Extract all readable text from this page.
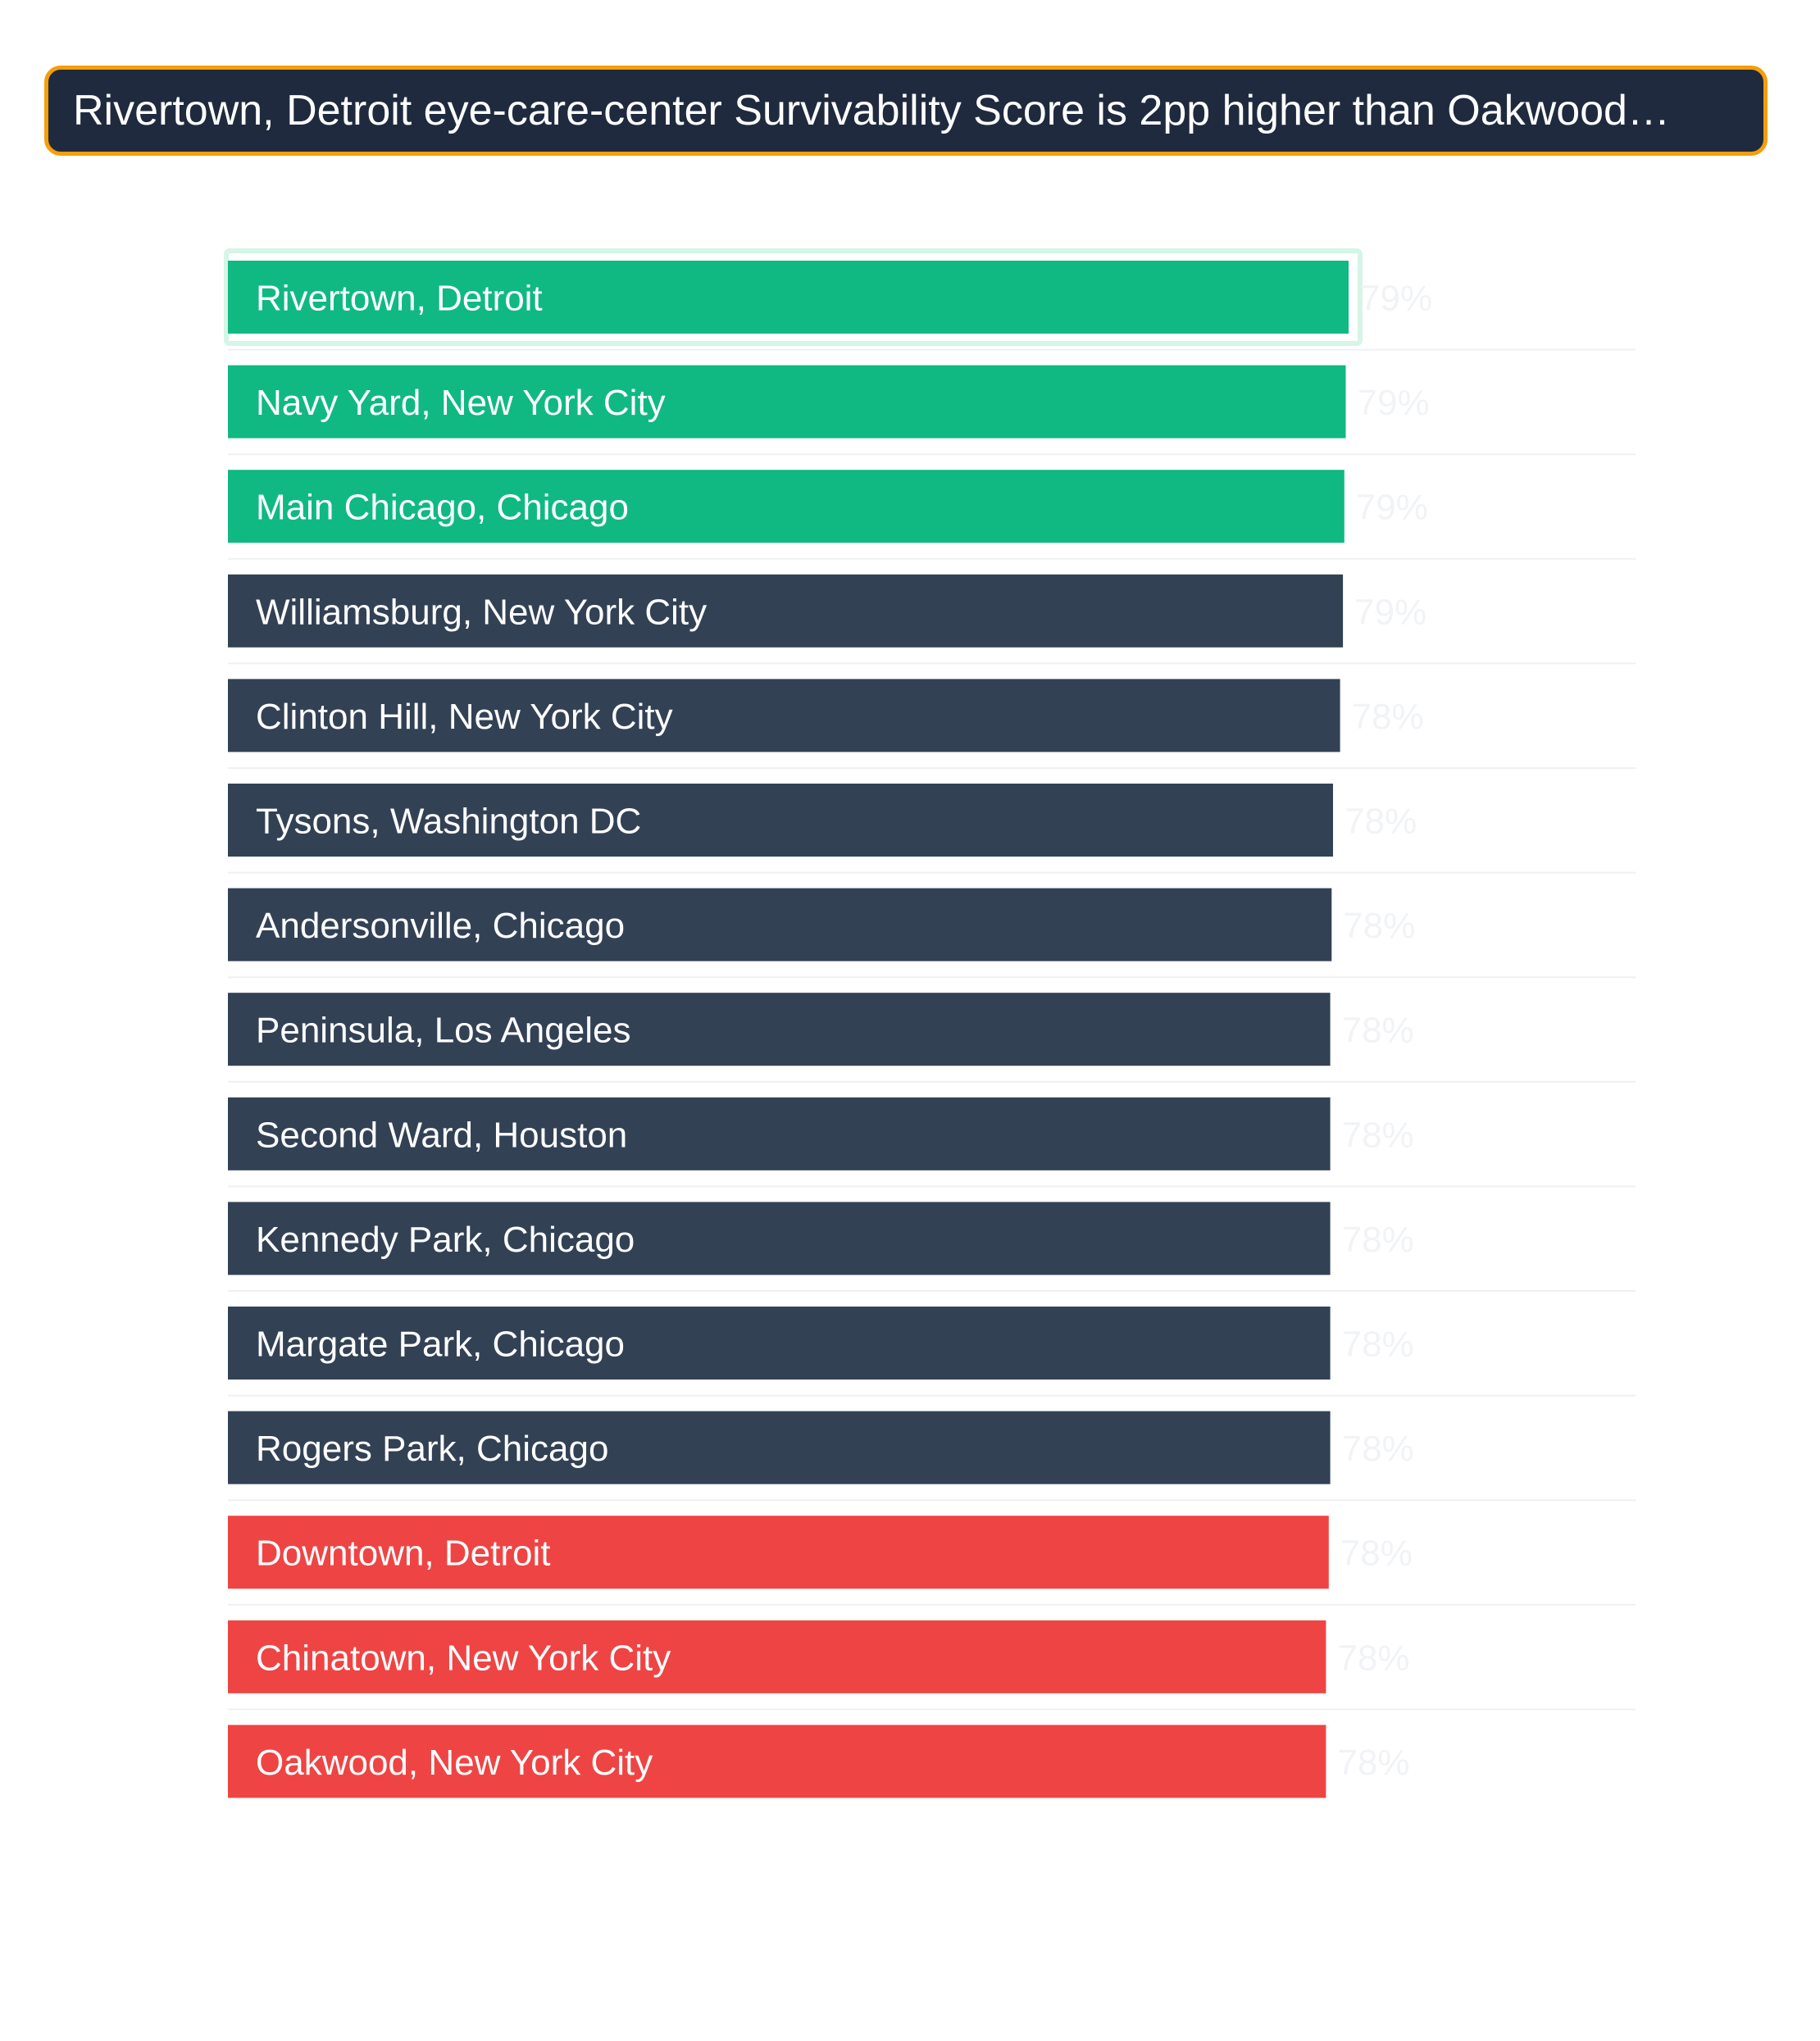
Rivertown, Detroit eye-care-center Survivability Score is 2pp higher than Oakwood…
Rivertown, Detroit	79%
Navy Yard, New York City	79%
Main Chicago, Chicago	79%
Williamsburg, New York City	79%
Clinton Hill, New York City	78%
Tysons, Washington DC	78%
Andersonville, Chicago	78%
Peninsula, Los Angeles	78%
Second Ward, Houston	78%
Kennedy Park, Chicago	78%
Margate Park, Chicago	78%
Rogers Park, Chicago	78%
Downtown, Detroit	78%
Chinatown, New York City	78%
Oakwood, New York City	78%
